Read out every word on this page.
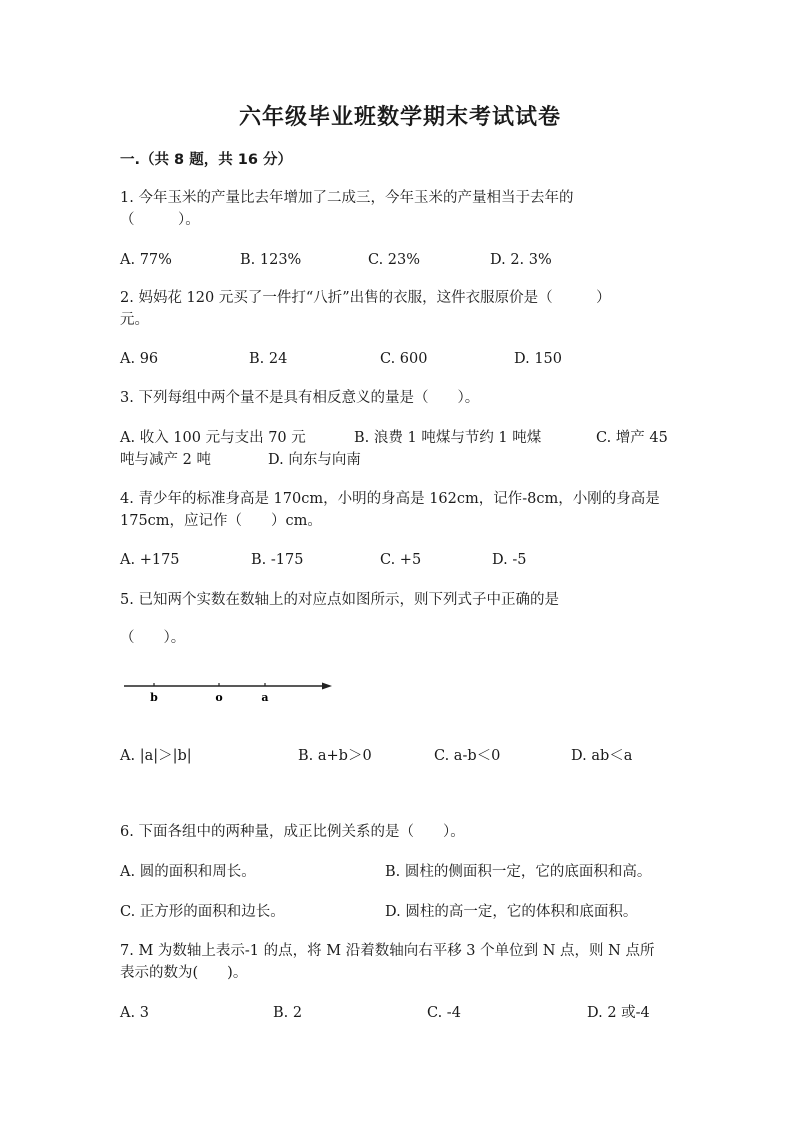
六年级毕业班数学期末考试试卷
一.（共 8 题，共 16 分）
1. 今年玉米的产量比去年增加了二成三，今年玉米的产量相当于去年的
（　　　）。
A. 77%	B. 123%	C. 23%	D. 2. 3%
2. 妈妈花 120 元买了一件打“八折”出售的衣服，这件衣服原价是（　　　）
元。
A. 96	B. 24	C. 600	D. 150
3. 下列每组中两个量不是具有相反意义的量是（　　）。
A. 收入 100 元与支出 70 元	B. 浪费 1 吨煤与节约 1 吨煤	C. 增产 45
吨与减产 2 吨	D. 向东与向南
4. 青少年的标准身高是 170cm，小明的身高是 162cm，记作-8cm，小刚的身高是
175cm，应记作（　　）cm。
A. +175	B. -175	C. +5	D. -5
5. 已知两个实数在数轴上的对应点如图所示，则下列式子中正确的是
（　　）。
b	o	a
A. |a|＞|b|	B. a+b＞0	C. a-b＜0	D. ab＜a
6. 下面各组中的两种量，成正比例关系的是（　　）。
A. 圆的面积和周长。	B. 圆柱的侧面积一定，它的底面积和高。
C. 正方形的面积和边长。	D. 圆柱的高一定，它的体积和底面积。
7. M 为数轴上表示-1 的点，将 M 沿着数轴向右平移 3 个单位到 N 点，则 N 点所
表示的数为(　　)。
A. 3	B. 2	C. -4	D. 2 或-4
